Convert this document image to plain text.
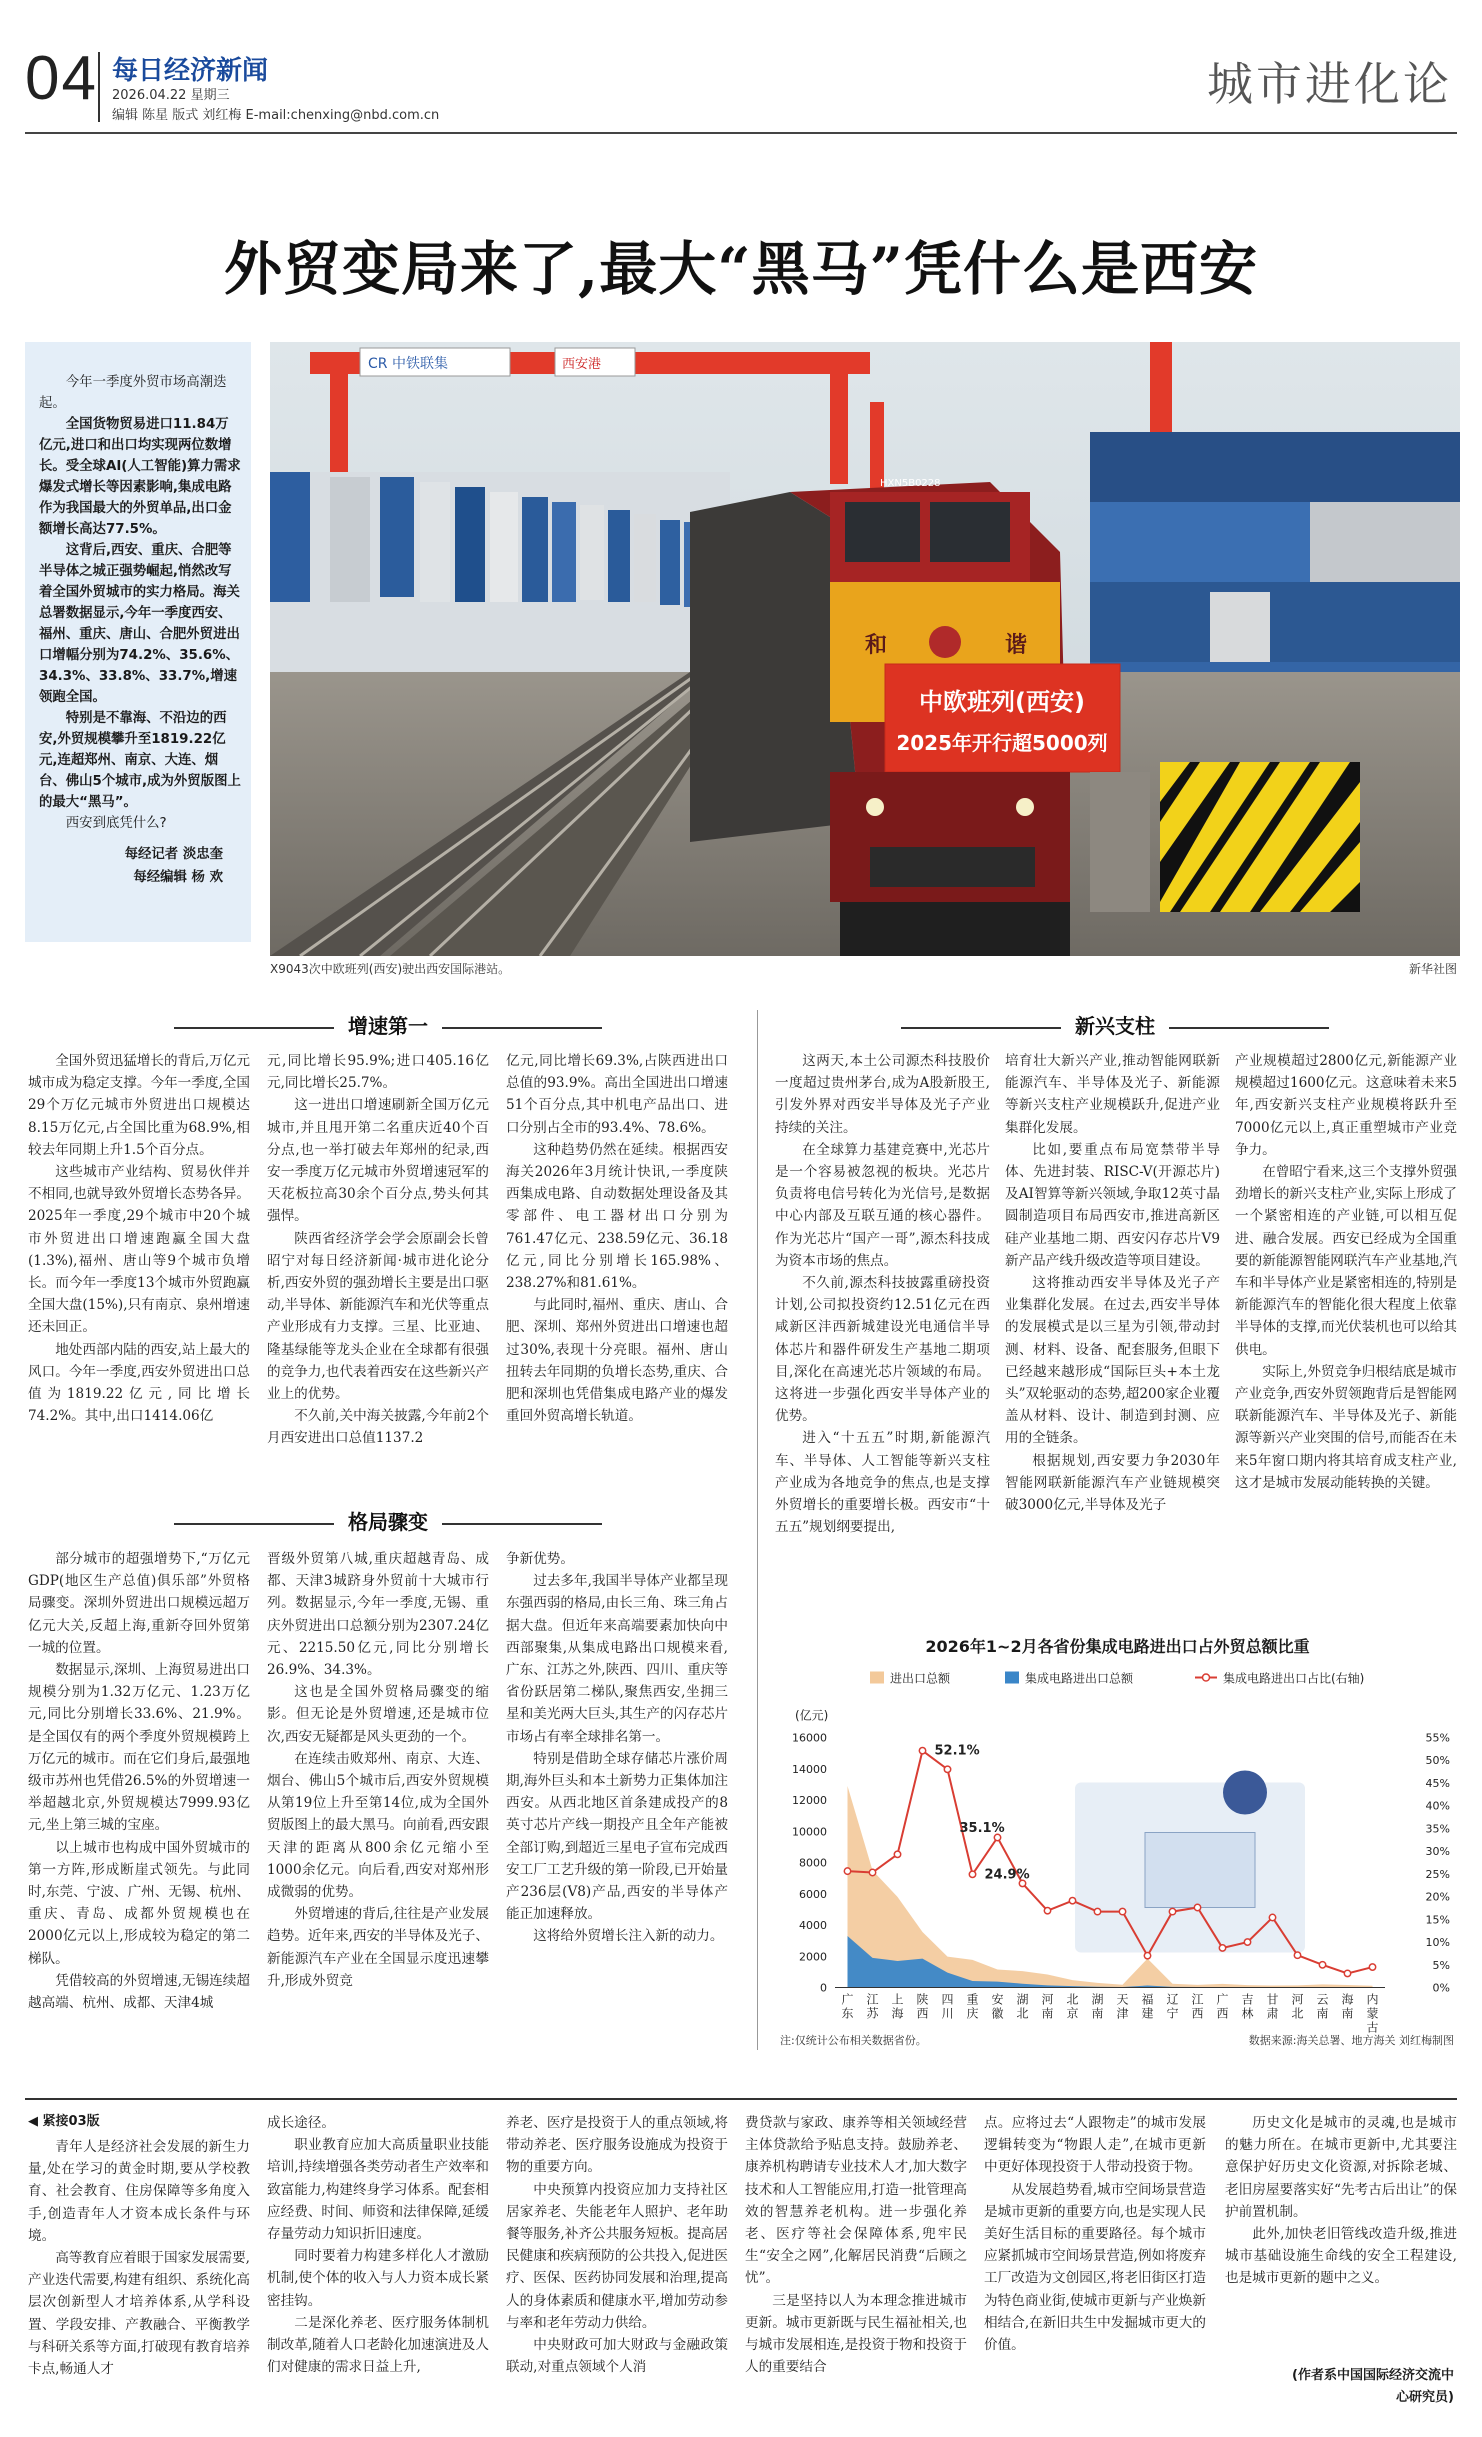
04 每日经济新闻
2026.04.22 星期三
编辑 陈星 版式 刘红梅 E-mail:chenxing@nbd.com.cn
城市进化论
外贸变局来了,最大“黑马”凭什么是西安

今年一季度外贸市场高潮迭起。

全国货物贸易进口11.84万亿元,进口和出口均实现两位数增长。受全球AI(人工智能)算力需求爆发式增长等因素影响,集成电路作为我国最大的外贸单品,出口金额增长高达77.5%。

这背后,西安、重庆、合肥等半导体之城正强势崛起,悄然改写着全国外贸城市的实力格局。海关总署数据显示,今年一季度西安、福州、重庆、唐山、合肥外贸进出口增幅分别为74.2%、35.6%、34.3%、33.8%、33.7%,增速领跑全国。

特别是不靠海、不沿边的西安,外贸规模攀升至1819.22亿元,连超郑州、南京、大连、烟台、佛山5个城市,成为外贸版图上的最大“黑马”。

西安到底凭什么?

每经记者 淡忠奎

每经编辑 杨 欢

CR 中铁联集	西安港
和	谐
HXN5B0228
中欧班列(西安)
2025年开行超5000列
X9043次中欧班列(西安)驶出西安国际港站。	新华社图
增速第一
格局骤变
新兴支柱

全国外贸迅猛增长的背后,万亿元城市成为稳定支撑。今年一季度,全国29个万亿元城市外贸进出口规模达8.15万亿元,占全国比重为68.9%,相较去年同期上升1.5个百分点。

这些城市产业结构、贸易伙伴并不相同,也就导致外贸增长态势各异。2025年一季度,29个城市中20个城市外贸进出口增速跑赢全国大盘(1.3%),福州、唐山等9个城市负增长。而今年一季度13个城市外贸跑赢全国大盘(15%),只有南京、泉州增速还未回正。

地处西部内陆的西安,站上最大的风口。今年一季度,西安外贸进出口总值为1819.22亿元,同比增长74.2%。其中,出口1414.06亿

元,同比增长95.9%;进口405.16亿元,同比增长25.7%。

这一进出口增速刷新全国万亿元城市,并且甩开第二名重庆近40个百分点,也一举打破去年郑州的纪录,西安一季度万亿元城市外贸增速冠军的天花板拉高30余个百分点,势头何其强悍。

陕西省经济学会学会原副会长曾昭宁对每日经济新闻·城市进化论分析,西安外贸的强劲增长主要是出口驱动,半导体、新能源汽车和光伏等重点产业形成有力支撑。三星、比亚迪、隆基绿能等龙头企业在全球都有很强的竞争力,也代表着西安在这些新兴产业上的优势。

不久前,关中海关披露,今年前2个月西安进出口总值1137.2

亿元,同比增长69.3%,占陕西进出口总值的93.9%。高出全国进出口增速51个百分点,其中机电产品出口、进口分别占全市的93.4%、78.6%。

这种趋势仍然在延续。根据西安海关2026年3月统计快讯,一季度陕西集成电路、自动数据处理设备及其零部件、电工器材出口分别为761.47亿元、238.59亿元、36.18亿元,同比分别增长165.98%、238.27%和81.61%。

与此同时,福州、重庆、唐山、合肥、深圳、郑州外贸进出口增速也超过30%,表现十分亮眼。福州、唐山扭转去年同期的负增长态势,重庆、合肥和深圳也凭借集成电路产业的爆发重回外贸高增长轨道。

部分城市的超强增势下,“万亿元GDP(地区生产总值)俱乐部”外贸格局骤变。深圳外贸进出口规模远超万亿元大关,反超上海,重新夺回外贸第一城的位置。

数据显示,深圳、上海贸易进出口规模分别为1.32万亿元、1.23万亿元,同比分别增长33.6%、21.9%。是全国仅有的两个季度外贸规模跨上万亿元的城市。而在它们身后,最强地级市苏州也凭借26.5%的外贸增速一举超越北京,外贸规模达7999.93亿元,坐上第三城的宝座。

以上城市也构成中国外贸城市的第一方阵,形成断崖式领先。与此同时,东莞、宁波、广州、无锡、杭州、重庆、青岛、成都外贸规模也在2000亿元以上,形成较为稳定的第二梯队。

凭借较高的外贸增速,无锡连续超越高端、杭州、成都、天津4城

晋级外贸第八城,重庆超越青岛、成都、天津3城跻身外贸前十大城市行列。数据显示,今年一季度,无锡、重庆外贸进出口总额分别为2307.24亿元、2215.50亿元,同比分别增长26.9%、34.3%。

这也是全国外贸格局骤变的缩影。但无论是外贸增速,还是城市位次,西安无疑都是风头更劲的一个。

在连续击败郑州、南京、大连、烟台、佛山5个城市后,西安外贸规模从第19位上升至第14位,成为全国外贸版图上的最大黑马。向前看,西安跟天津的距离从800余亿元缩小至1000余亿元。向后看,西安对郑州形成微弱的优势。

外贸增速的背后,往往是产业发展趋势。近年来,西安的半导体及光子、新能源汽车产业在全国显示度迅速攀升,形成外贸竞

争新优势。

过去多年,我国半导体产业都呈现东强西弱的格局,由长三角、珠三角占据大盘。但近年来高端要素加快向中西部聚集,从集成电路出口规模来看,广东、江苏之外,陕西、四川、重庆等省份跃居第二梯队,聚焦西安,坐拥三星和美光两大巨头,其生产的闪存芯片市场占有率全球排名第一。

特别是借助全球存储芯片涨价周期,海外巨头和本土新势力正集体加注西安。从西北地区首条建成投产的8英寸芯片产线一期投产且全年产能被全部订购,到超近三星电子宣布完成西安工厂工艺升级的第一阶段,已开始量产236层(V8)产品,西安的半导体产能正加速释放。

这将给外贸增长注入新的动力。

这两天,本土公司源杰科技股价一度超过贵州茅台,成为A股新股王,引发外界对西安半导体及光子产业持续的关注。

在全球算力基建竞赛中,光芯片是一个容易被忽视的板块。光芯片负责将电信号转化为光信号,是数据中心内部及互联互通的核心器件。作为光芯片“国产一哥”,源杰科技成为资本市场的焦点。

不久前,源杰科技披露重磅投资计划,公司拟投资约12.51亿元在西咸新区沣西新城建设光电通信半导体芯片和器件研发生产基地二期项目,深化在高速光芯片领域的布局。这将进一步强化西安半导体产业的优势。

进入“十五五”时期,新能源汽车、半导体、人工智能等新兴支柱产业成为各地竞争的焦点,也是支撑外贸增长的重要增长极。西安市“十五五”规划纲要提出,

培育壮大新兴产业,推动智能网联新能源汽车、半导体及光子、新能源等新兴支柱产业规模跃升,促进产业集群化发展。

比如,要重点布局宽禁带半导体、先进封装、RISC-V(开源芯片)及AI智算等新兴领域,争取12英寸晶圆制造项目布局西安市,推进高新区硅产业基地二期、西安闪存芯片V9新产品产线升级改造等项目建设。

这将推动西安半导体及光子产业集群化发展。在过去,西安半导体的发展模式是以三星为引领,带动封测、材料、设备、配套服务,但眼下已经越来越形成“国际巨头+本土龙头”双轮驱动的态势,超200家企业覆盖从材料、设计、制造到封测、应用的全链条。

根据规划,西安要力争2030年智能网联新能源汽车产业链规模突破3000亿元,半导体及光子

产业规模超过2800亿元,新能源产业规模超过1600亿元。这意味着未来5年,西安新兴支柱产业规模将跃升至7000亿元以上,真正重塑城市产业竞争力。

在曾昭宁看来,这三个支撑外贸强劲增长的新兴支柱产业,实际上形成了一个紧密相连的产业链,可以相互促进、融合发展。西安已经成为全国重要的新能源智能网联汽车产业基地,汽车和半导体产业是紧密相连的,特别是新能源汽车的智能化很大程度上依靠半导体的支撑,而光伏装机也可以给其供电。

实际上,外贸竞争归根结底是城市产业竞争,西安外贸领跑背后是智能网联新能源汽车、半导体及光子、新能源等新兴产业突围的信号,而能否在未来5年窗口期内将其培育成支柱产业,这才是城市发展动能转换的关键。

2026年1~2月各省份集成电路进出口占外贸总额比重
进出口总额	集成电路进出口总额	集成电路进出口占比(右轴)
(亿元)
16000
14000
12000
10000
8000
6000
4000
2000
0
55%
50%
45%
40%
35%
30%
25%
20%
15%
10%
5%
0%
52.1%
35.1%
24.9%
广
东
江
苏
上
海
陕
西
四
川
重
庆
安
徽
湖
北
河
南
北
京
湖
南
天
津
福
建
辽
宁
江
西
广
西
吉
林
甘
肃
河
北
云
南
海
南
内
蒙
古
注:仅统计公布相关数据省份。	数据来源:海关总署、地方海关 刘红梅制图
◀ 紧接03版

青年人是经济社会发展的新生力量,处在学习的黄金时期,要从学校教育、社会教育、住房保障等多角度入手,创造青年人才资本成长条件与环境。

高等教育应着眼于国家发展需要,产业迭代需要,构建有组织、系统化高层次创新型人才培养体系,从学科设置、学段安排、产教融合、平衡教学与科研关系等方面,打破现有教育培养卡点,畅通人才

成长途径。

职业教育应加大高质量职业技能培训,持续增强各类劳动者生产效率和致富能力,构建终身学习体系。配套相应经费、时间、师资和法律保障,延缓存量劳动力知识折旧速度。

同时要着力构建多样化人才激励机制,使个体的收入与人力资本成长紧密挂钩。

二是深化养老、医疗服务体制机制改革,随着人口老龄化加速演进及人们对健康的需求日益上升,

养老、医疗是投资于人的重点领域,将带动养老、医疗服务设施成为投资于物的重要方向。

中央预算内投资应加力支持社区居家养老、失能老年人照护、老年助餐等服务,补齐公共服务短板。提高居民健康和疾病预防的公共投入,促进医疗、医保、医药协同发展和治理,提高人的身体素质和健康水平,增加劳动参与率和老年劳动力供给。

中央财政可加大财政与金融政策联动,对重点领域个人消

费贷款与家政、康养等相关领域经营主体贷款给予贴息支持。鼓励养老、康养机构聘请专业技术人才,加大数字技术和人工智能应用,打造一批管理高效的智慧养老机构。进一步强化养老、医疗等社会保障体系,兜牢民生“安全之网”,化解居民消费“后顾之忧”。

三是坚持以人为本理念推进城市更新。城市更新既与民生福祉相关,也与城市发展相连,是投资于物和投资于人的重要结合

点。应将过去“人跟物走”的城市发展逻辑转变为“物跟人走”,在城市更新中更好体现投资于人带动投资于物。

从发展趋势看,城市空间场景营造是城市更新的重要方向,也是实现人民美好生活目标的重要路径。每个城市应紧抓城市空间场景营造,例如将废弃工厂改造为文创园区,将老旧街区打造为特色商业街,使城市更新与产业焕新相结合,在新旧共生中发掘城市更大的价值。

历史文化是城市的灵魂,也是城市的魅力所在。在城市更新中,尤其要注意保护好历史文化资源,对拆除老城、老旧房屋要落实好“先考古后出让”的保护前置机制。

此外,加快老旧管线改造升级,推进城市基础设施生命线的安全工程建设,也是城市更新的题中之义。

(作者系中国国际经济交流中
心研究员)
